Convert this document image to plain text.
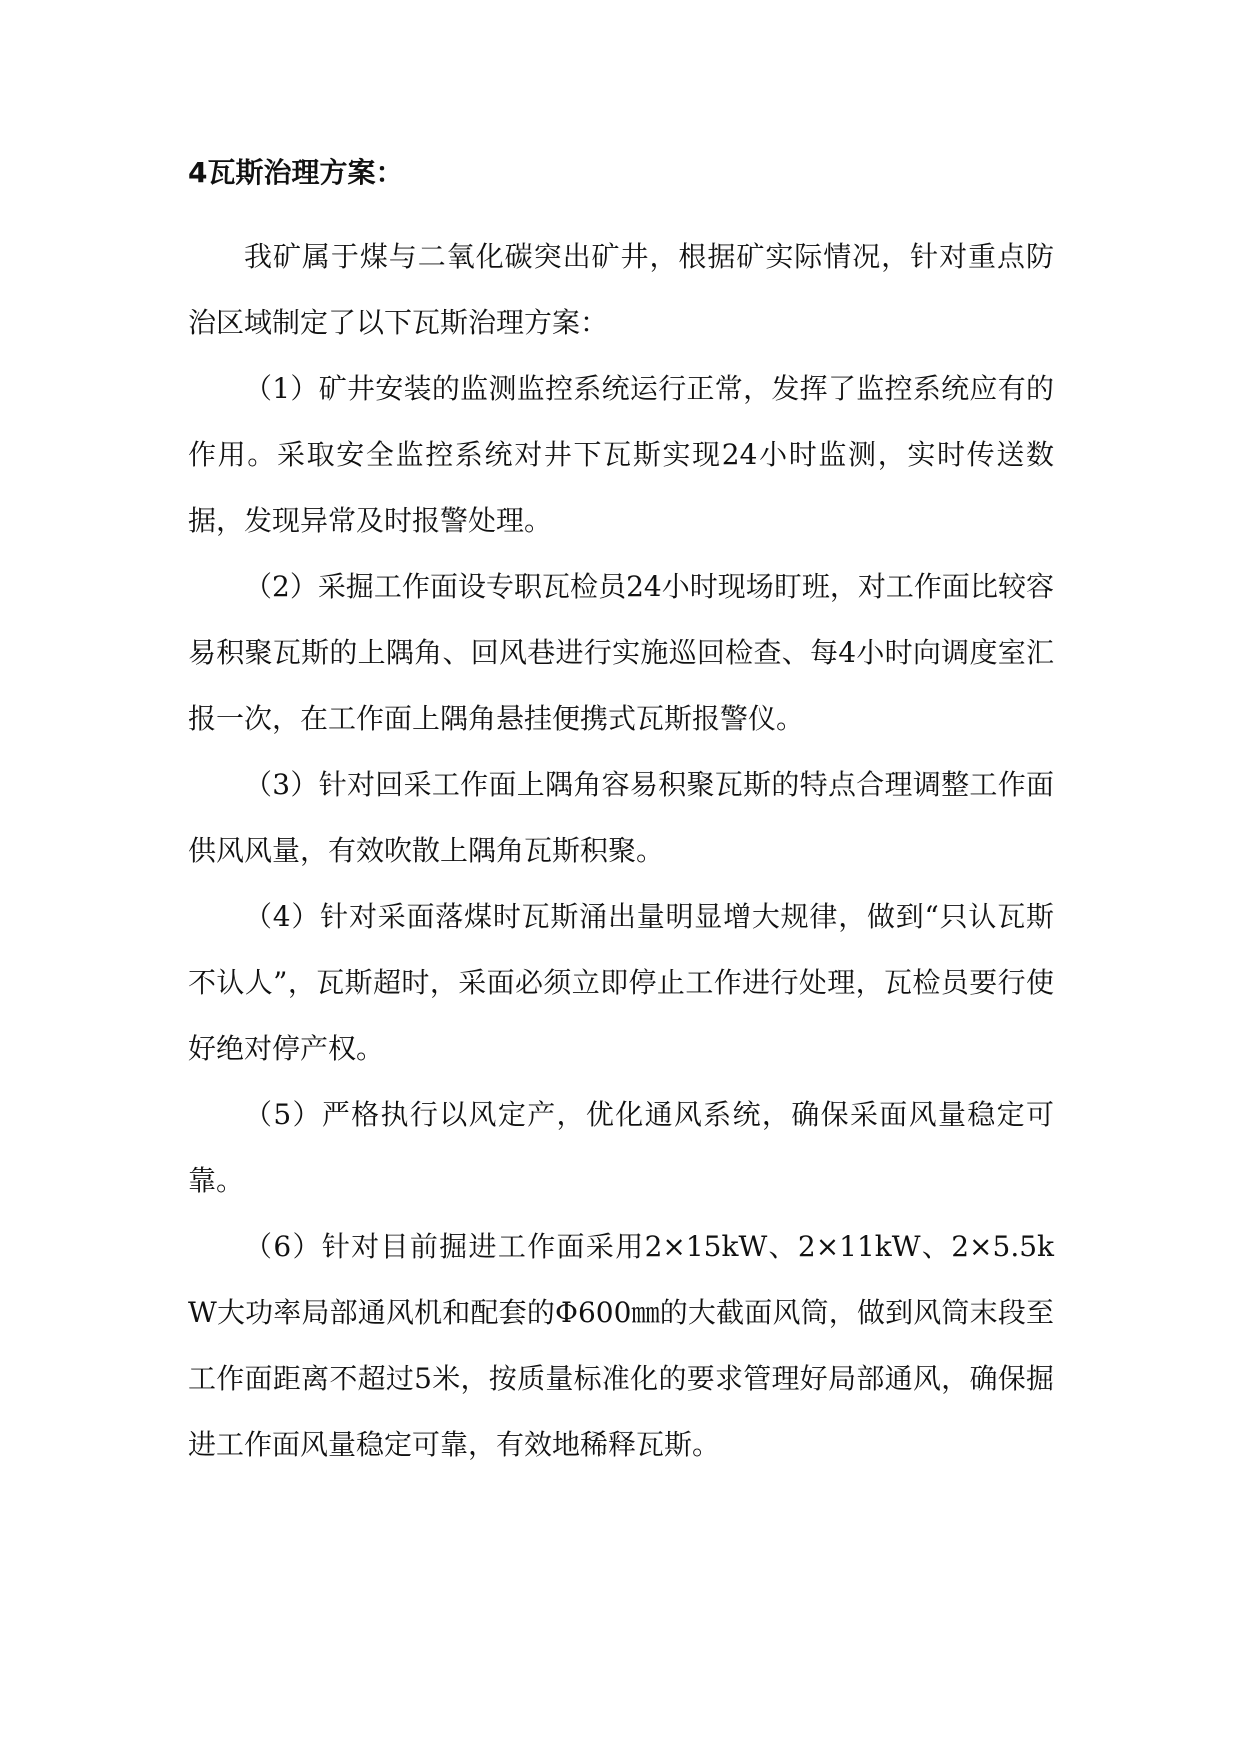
4瓦斯治理方案：

我矿属于煤与二氧化碳突出矿井，根据矿实际情况，针对重点防治区域制定了以下瓦斯治理方案：

（1）矿井安装的监测监控系统运行正常，发挥了监控系统应有的作用。采取安全监控系统对井下瓦斯实现24小时监测，实时传送数据，发现异常及时报警处理。

（2）采掘工作面设专职瓦检员24小时现场盯班，对工作面比较容易积聚瓦斯的上隅角、回风巷进行实施巡回检查、每4小时向调度室汇报一次，在工作面上隅角悬挂便携式瓦斯报警仪。

（3）针对回采工作面上隅角容易积聚瓦斯的特点合理调整工作面供风风量，有效吹散上隅角瓦斯积聚。

（4）针对采面落煤时瓦斯涌出量明显增大规律，做到“只认瓦斯不认人”，瓦斯超时，采面必须立即停止工作进行处理，瓦检员要行使好绝对停产权。

（5）严格执行以风定产，优化通风系统，确保采面风量稳定可靠。

（6）针对目前掘进工作面采用2×15kW、2×11kW、2×5.5kW大功率局部通风机和配套的Φ600㎜的大截面风筒，做到风筒末段至工作面距离不超过5米，按质量标准化的要求管理好局部通风，确保掘进工作面风量稳定可靠，有效地稀释瓦斯。
